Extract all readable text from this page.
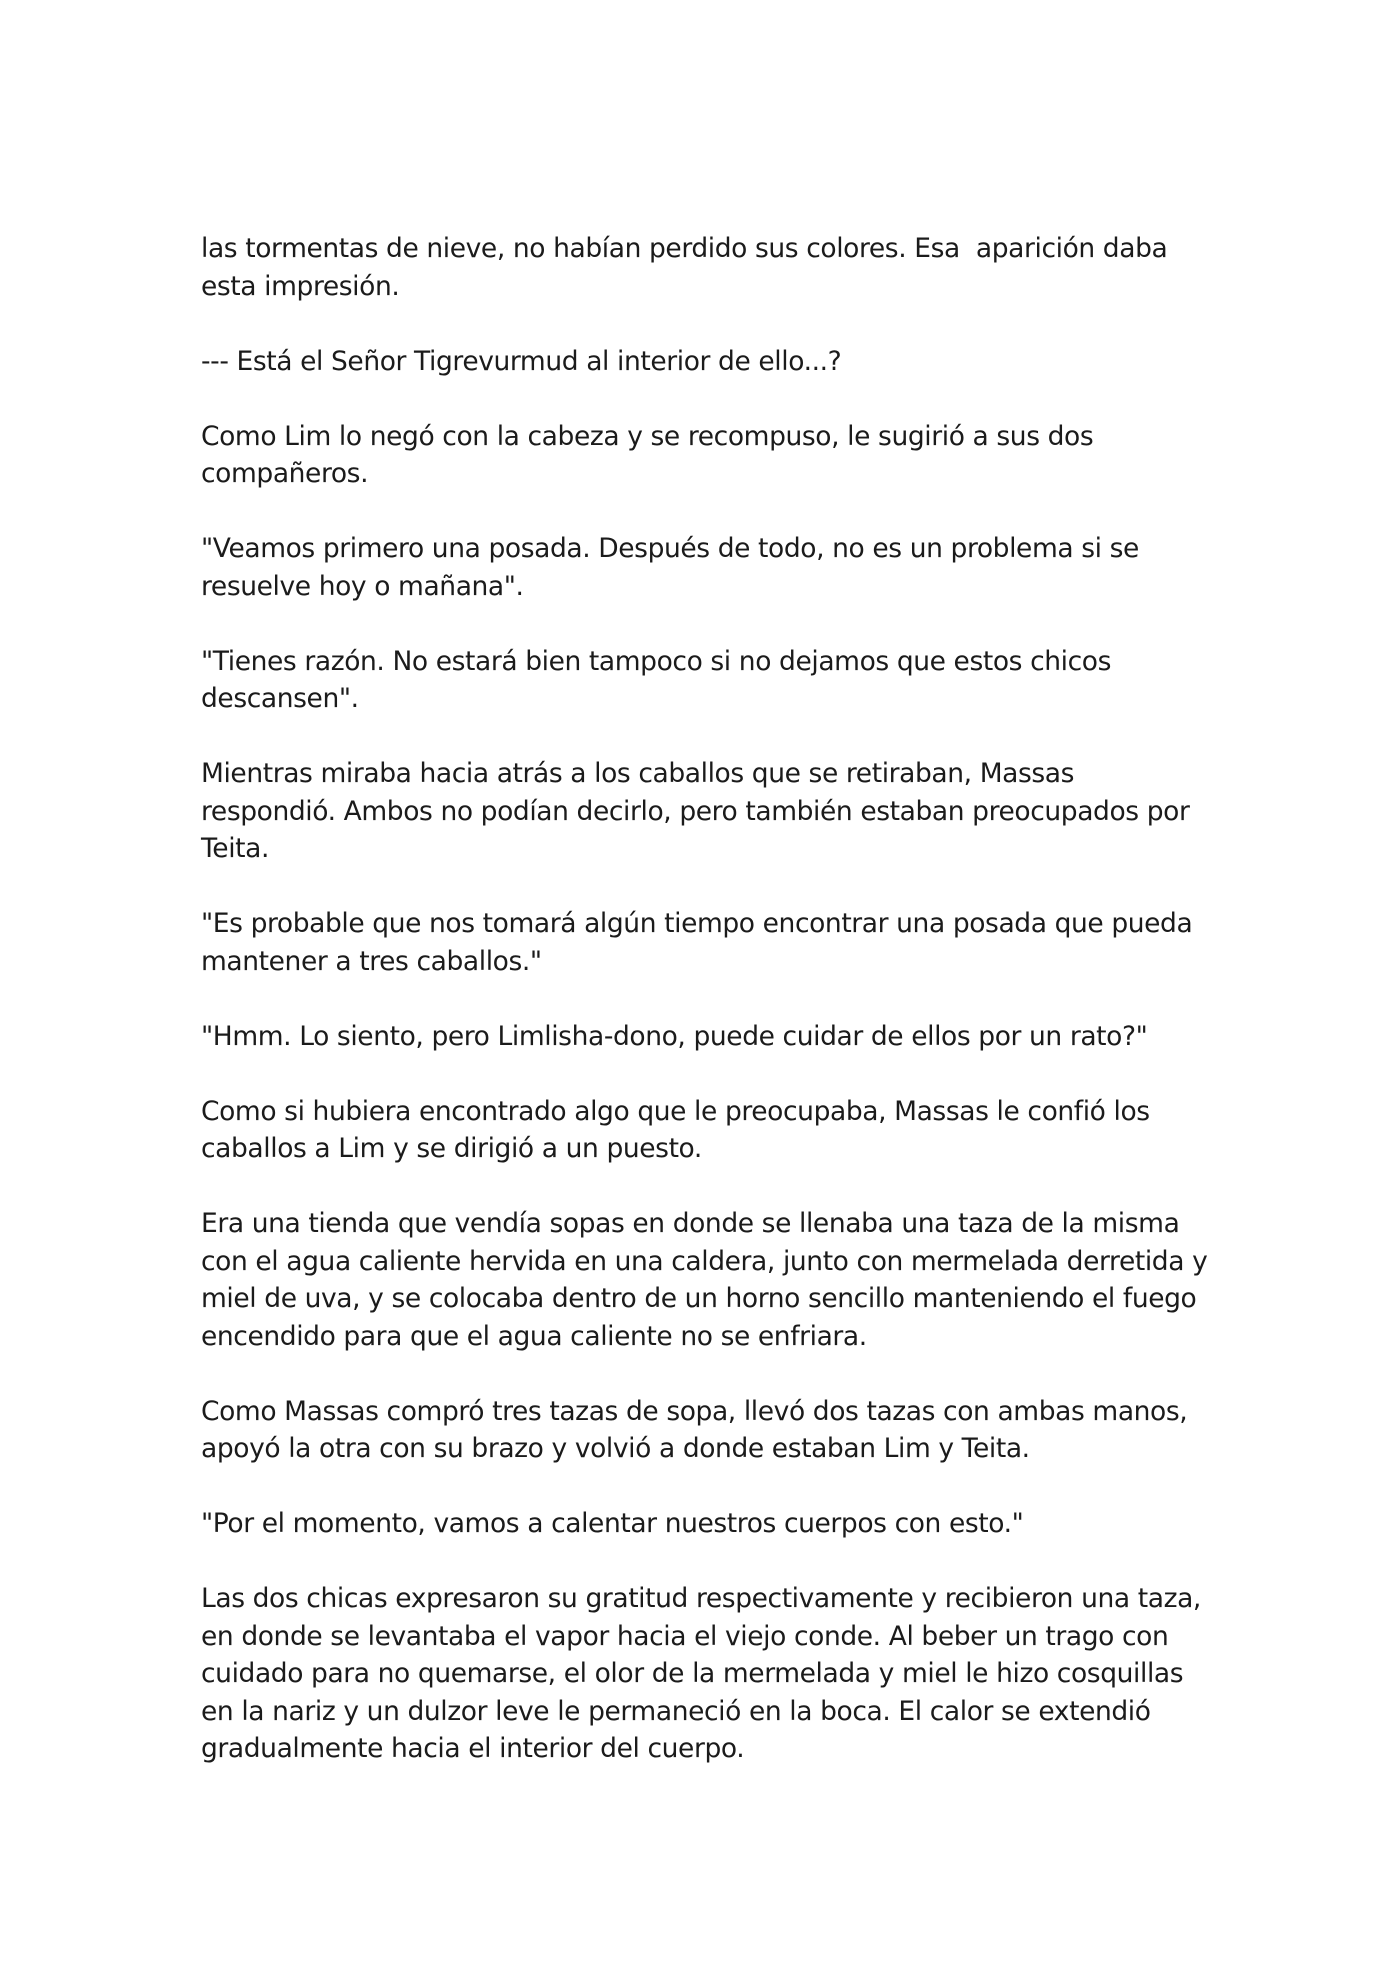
las tormentas de nieve, no habían perdido sus colores. Esa  aparición daba esta impresión.

--- Está el Señor Tigrevurmud al interior de ello...?

Como Lim lo negó con la cabeza y se recompuso, le sugirió a sus dos compañeros.

"Veamos primero una posada. Después de todo, no es un problema si se resuelve hoy o mañana".

"Tienes razón. No estará bien tampoco si no dejamos que estos chicos descansen".

Mientras miraba hacia atrás a los caballos que se retiraban, Massas respondió. Ambos no podían decirlo, pero también estaban preocupados por Teita.

"Es probable que nos tomará algún tiempo encontrar una posada que pueda mantener a tres caballos."

"Hmm. Lo siento, pero Limlisha-dono, puede cuidar de ellos por un rato?"

Como si hubiera encontrado algo que le preocupaba, Massas le confió los caballos a Lim y se dirigió a un puesto.

Era una tienda que vendía sopas en donde se llenaba una taza de la misma con el agua caliente hervida en una caldera, junto con mermelada derretida y miel de uva, y se colocaba dentro de un horno sencillo manteniendo el fuego encendido para que el agua caliente no se enfriara.

Como Massas compró tres tazas de sopa, llevó dos tazas con ambas manos, apoyó la otra con su brazo y volvió a donde estaban Lim y Teita.

"Por el momento, vamos a calentar nuestros cuerpos con esto."

Las dos chicas expresaron su gratitud respectivamente y recibieron una taza, en donde se levantaba el vapor hacia el viejo conde. Al beber un trago con cuidado para no quemarse, el olor de la mermelada y miel le hizo cosquillas en la nariz y un dulzor leve le permaneció en la boca. El calor se extendió gradualmente hacia el interior del cuerpo.
